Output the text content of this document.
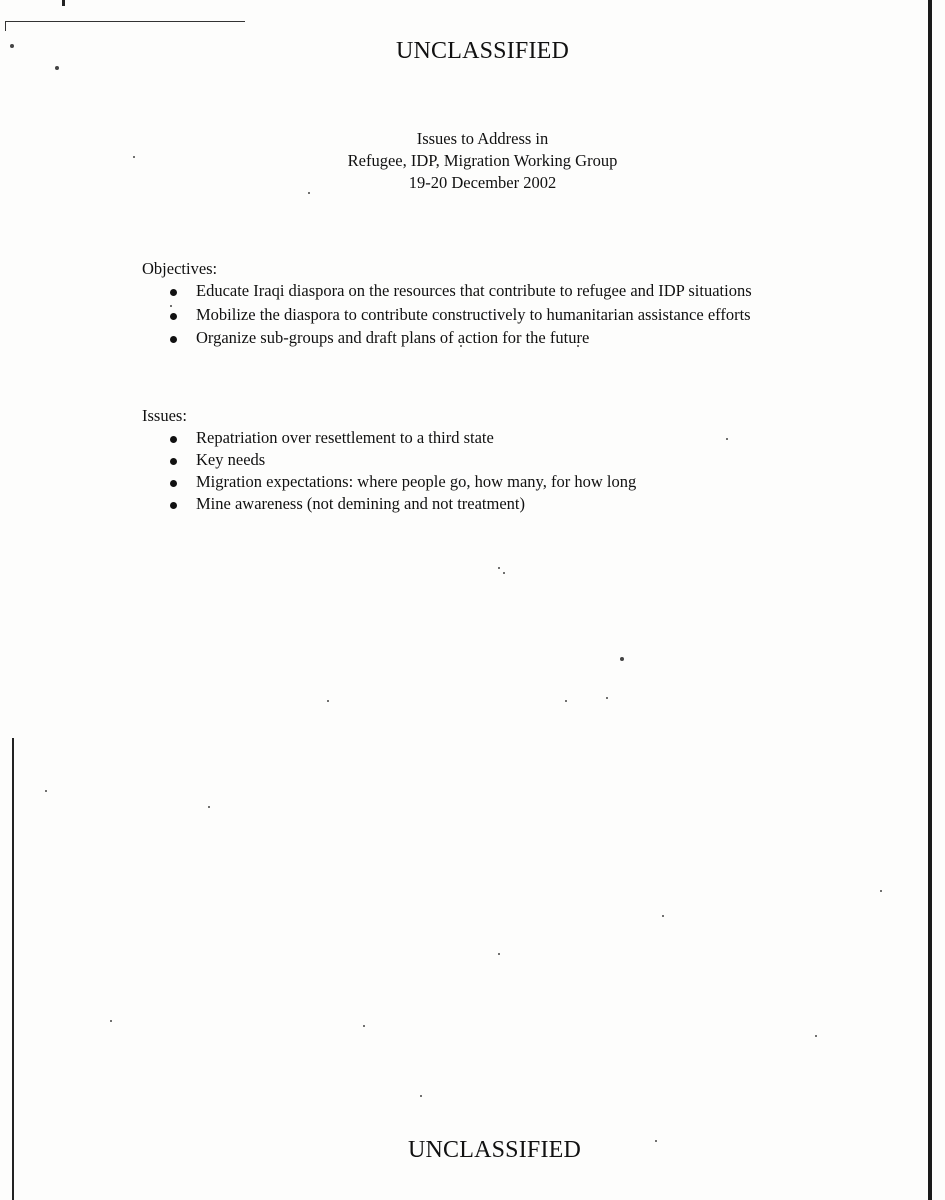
UNCLASSIFIED
Issues to Address in
Refugee, IDP, Migration Working Group
19-20 December 2002
Objectives:
Educate Iraqi diaspora on the resources that contribute to refugee and IDP situations
Mobilize the diaspora to contribute constructively to humanitarian assistance efforts
Organize sub-groups and draft plans of action for the future
Issues:
Repatriation over resettlement to a third state
Key needs
Migration expectations: where people go, how many, for how long
Mine awareness (not demining and not treatment)
UNCLASSIFIED
